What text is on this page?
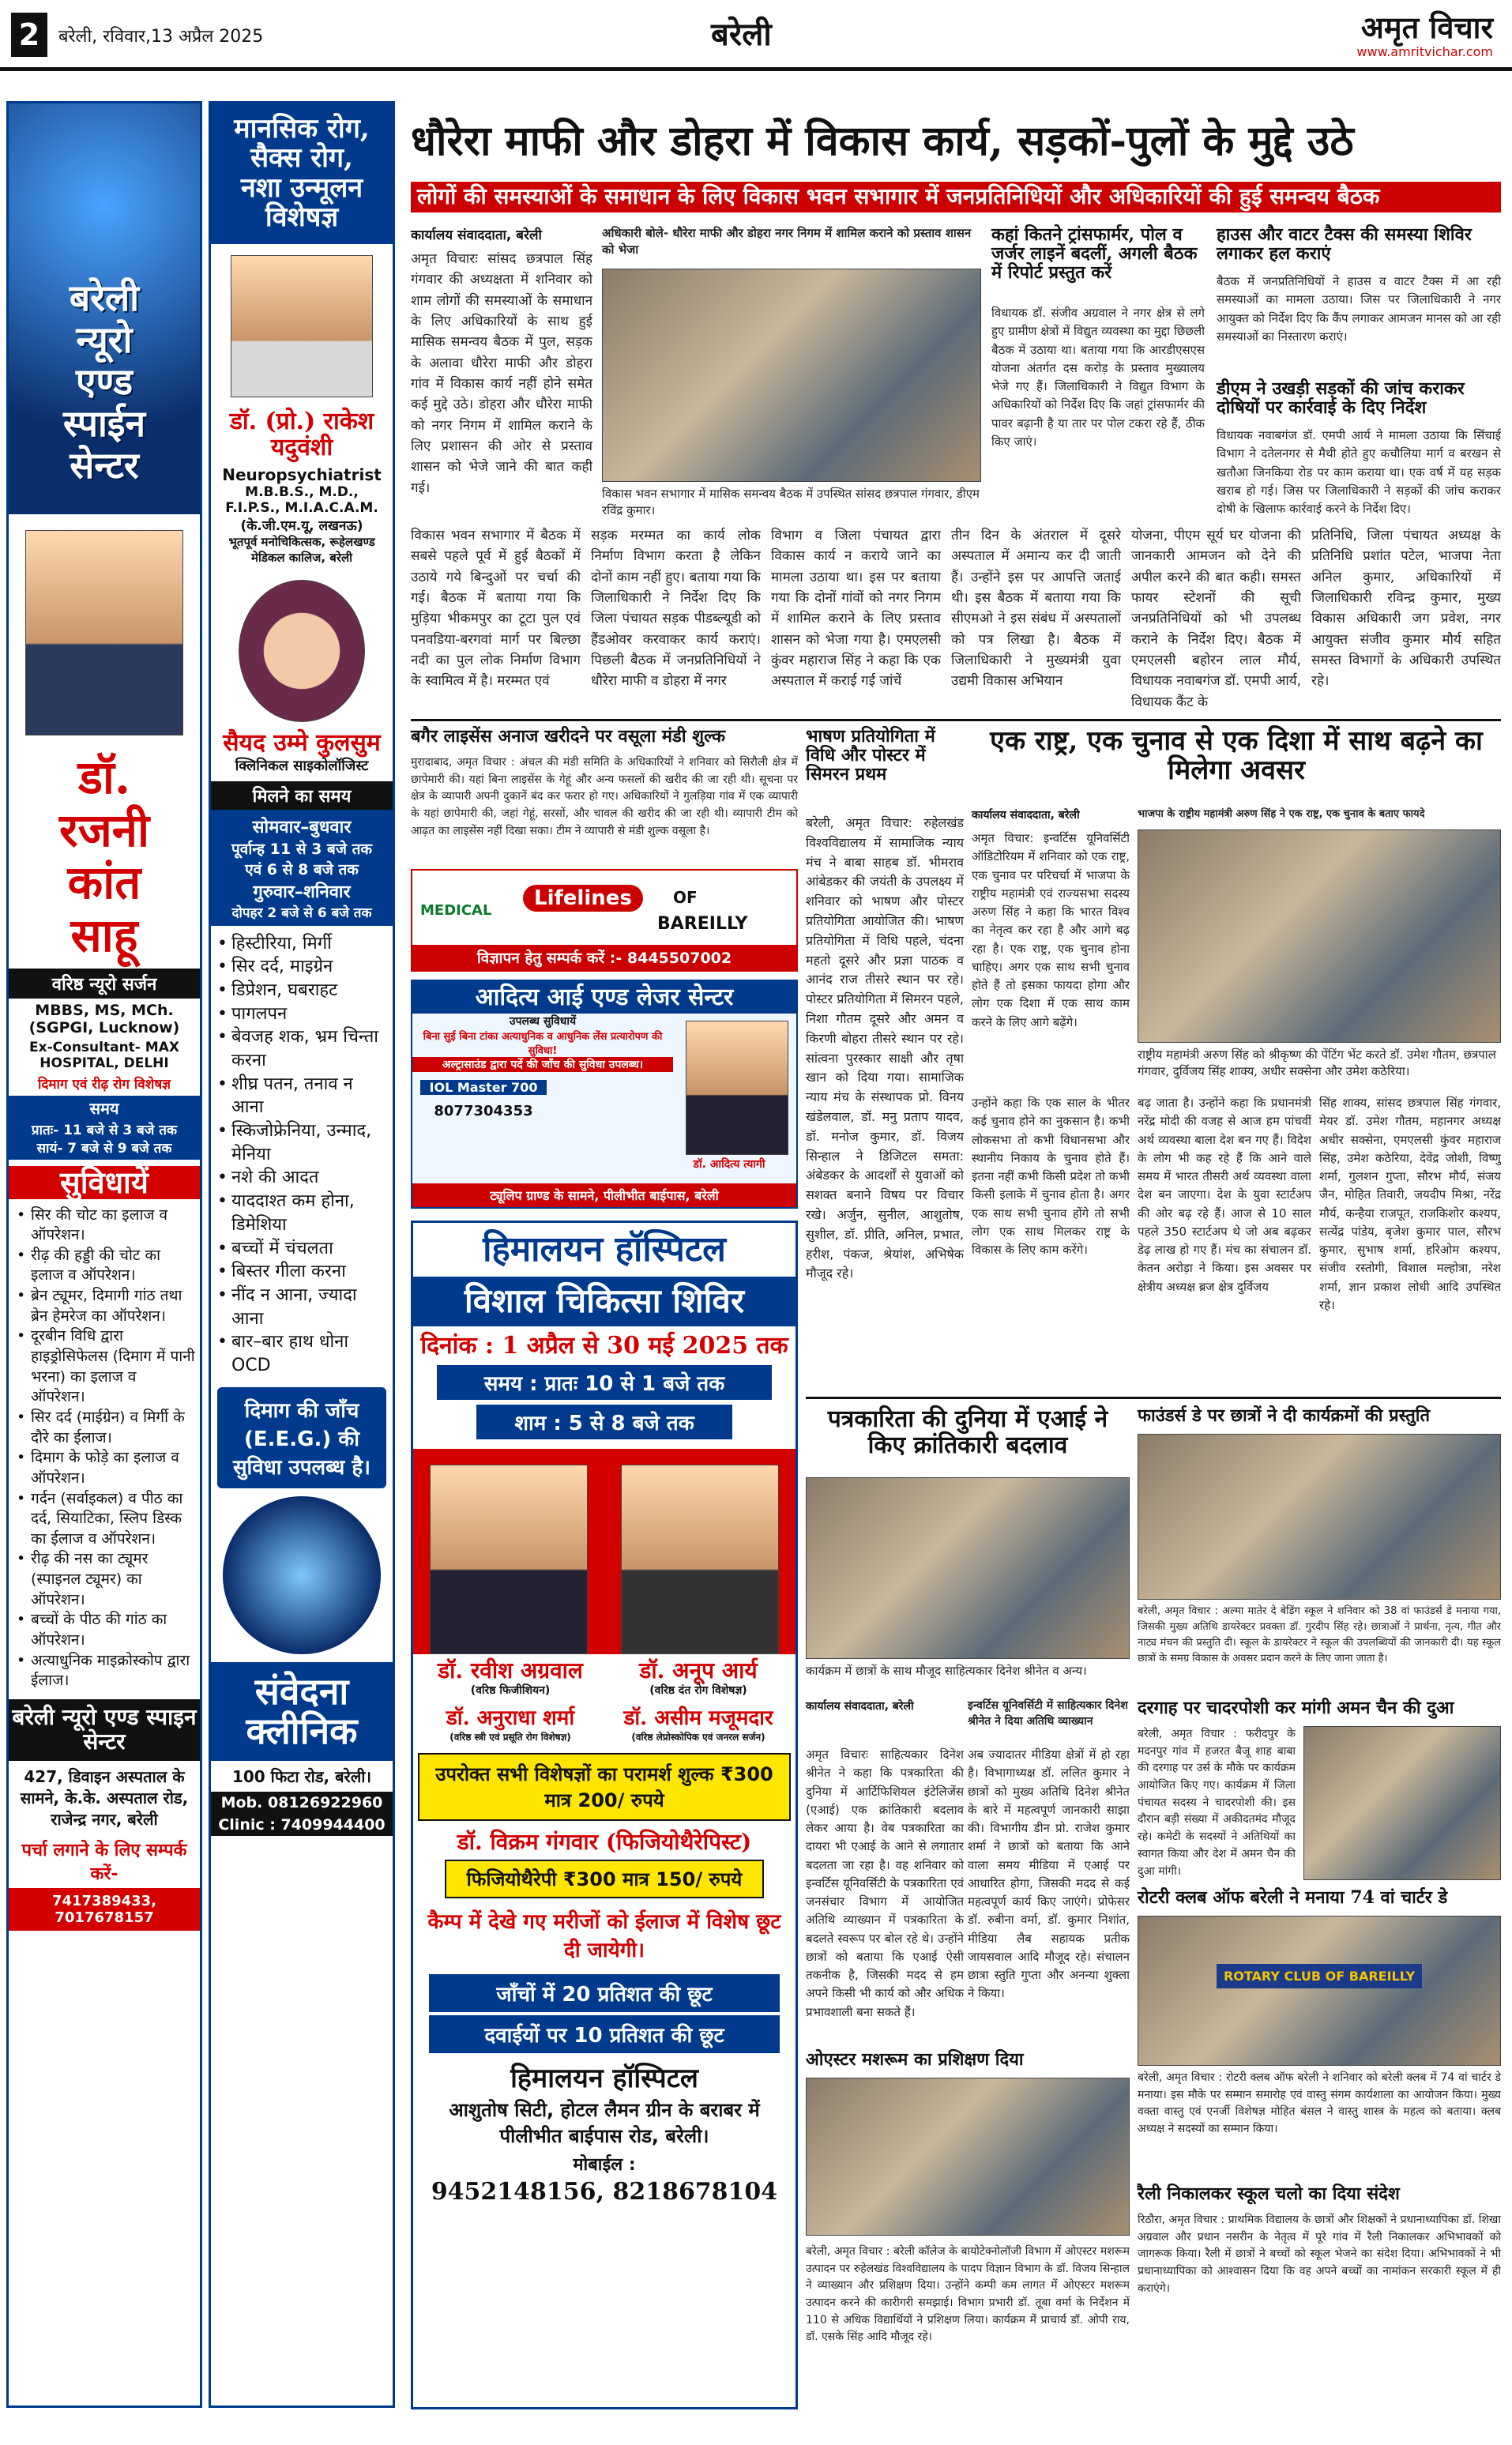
2	बरेली, रविवार,13 अप्रैल 2025	बरेली	अमृत विचार
www.amritvichar.com
बरेली
न्यूरो
एण्ड
स्पाईन
सेन्टर
डॉ.
रजनी
कांत
साहू
वरिष्ठ न्यूरो सर्जन
MBBS, MS, MCh. (SGPGI, Lucknow)
Ex-Consultant- MAX HOSPITAL, DELHI
दिमाग एवं रीढ़ रोग विशेषज्ञ
समय
प्रातः- 11 बजे से 3 बजे तक
सायं- 7 बजे से 9 बजे तक
सुविधायें
• सिर की चोट का इलाज व ऑपरेशन।
• रीढ़ की हड्डी की चोट का इलाज व ऑपरेशन।
• ब्रेन ट्यूमर, दिमागी गांठ तथा ब्रेन हेमरेज का ऑपरेशन।
• दूरबीन विधि द्वारा हाइड्रोसिफेलस (दिमाग में पानी भरना) का इलाज व ऑपरेशन।
• सिर दर्द (माईग्रेन) व मिर्गी के दौरे का ईलाज।
• दिमाग के फोड़े का इलाज व ऑपरेशन।
• गर्दन (सर्वाइकल) व पीठ का दर्द, सियाटिका, स्लिप डिस्क का ईलाज व ऑपरेशन।
• रीढ़ की नस का ट्यूमर (स्पाइनल ट्यूमर) का ऑपरेशन।
• बच्चों के पीठ की गांठ का ऑपरेशन।
• अत्याधुनिक माइक्रोस्कोप द्वारा ईलाज।
बरेली न्यूरो एण्ड स्पाइन सेन्टर
427, डिवाइन अस्पताल के सामने, के.के. अस्पताल रोड, राजेन्द्र नगर, बरेली
पर्चा लगाने के लिए सम्पर्क करें-
7417389433, 7017678157
मानसिक रोग,
सैक्स रोग,
नशा उन्मूलन
विशेषज्ञ
डॉ. (प्रो.) राकेश यदुवंशी
Neuropsychiatrist
M.B.B.S., M.D., F.I.P.S., M.I.A.C.A.M.
(के.जी.एम.यू, लखनऊ)
भूतपूर्व मनोचिकित्सक, रूहेलखण्ड मेडिकल कालिज, बरेली
सैयद उम्मे कुलसुम
क्लिनिकल साइकोलॉजिस्ट
मिलने का समय
सोमवार–बुधवार
पूर्वान्ह 11 से 3 बजे तक
एवं 6 से 8 बजे तक
गुरुवार–शनिवार
दोपहर 2 बजे से 6 बजे तक
• हिस्टीरिया, मिर्गी
• सिर दर्द, माइग्रेन
• डिप्रेशन, घबराहट
• पागलपन
• बेवजह शक, भ्रम चिन्ता करना
• शीघ्र पतन, तनाव न आना
• स्किजोफ्रेनिया, उन्माद, मेनिया
• नशे की आदत
• याददाश्त कम होना, डिमेशिया
• बच्चों में चंचलता
• बिस्तर गीला करना
• नींद न आना, ज्यादा आना
• बार–बार हाथ धोना OCD
दिमाग की जाँच (E.E.G.) की सुविधा उपलब्ध है।
संवेदना क्लीनिक
100 फिटा रोड, बरेली।
Mob. 08126922960
Clinic : 7409944400
धौरेरा माफी और डोहरा में विकास कार्य, सड़कों-पुलों के मुद्दे उठे
लोगों की समस्याओं के समाधान के लिए विकास भवन सभागार में जनप्रतिनिधियों और अधिकारियों की हुई समन्वय बैठक
कार्यालय संवाददाता, बरेली
अमृत विचारः सांसद छत्रपाल सिंह गंगवार की अध्यक्षता में शनिवार को शाम लोगों की समस्याओं के समाधान के लिए अधिकारियों के साथ हुई मासिक समन्वय बैठक में पुल, सड़क के अलावा धौरेरा माफी और डोहरा गांव में विकास कार्य नहीं होने समेत कई मुद्दे उठे। डोहरा और धौरेरा माफी को नगर निगम में शामिल कराने के लिए प्रशासन की ओर से प्रस्ताव शासन को भेजे जाने की बात कही गई।
अधिकारी बोले- धौरेरा माफी और डोहरा नगर निगम में शामिल कराने को प्रस्ताव शासन को भेजा
विकास भवन सभागार में मासिक समन्वय बैठक में उपस्थित सांसद छत्रपाल गंगवार, डीएम रविंद्र कुमार।
कहां कितने ट्रांसफार्मर, पोल व जर्जर लाइनें बदलीं, अगली बैठक में रिपोर्ट प्रस्तुत करें
विधायक डॉ. संजीव अग्रवाल ने नगर क्षेत्र से लगे हुए ग्रामीण क्षेत्रों में विद्युत व्यवस्था का मुद्दा छिछली बैठक में उठाया था। बताया गया कि आरडीएसएस योजना अंतर्गत दस करोड़ के प्रस्ताव मुख्यालय भेजे गए हैं। जिलाधिकारी ने विद्युत विभाग के अधिकारियों को निर्देश दिए कि जहां ट्रांसफार्मर की पावर बढ़ानी है या तार पर पोल टकरा रहे हैं, ठीक किए जाएं।
हाउस और वाटर टैक्स की समस्या शिविर लगाकर हल कराएं
बैठक में जनप्रतिनिधियों ने हाउस व वाटर टैक्स में आ रही समस्याओं का मामला उठाया। जिस पर जिलाधिकारी ने नगर आयुक्त को निर्देश दिए कि कैंप लगाकर आमजन मानस को आ रही समस्याओं का निस्तारण कराएं।
डीएम ने उखड़ी सड़कों की जांच कराकर दोषियों पर कार्रवाई के दिए निर्देश
विधायक नवाबगंज डॉ. एमपी आर्य ने मामला उठाया कि सिंचाई विभाग ने दतेलनगर से मैथी होते हुए कचौलिया मार्ग व बरखन से खतौआ जिनकिया रोड पर काम कराया था। एक वर्ष में यह सड़क खराब हो गई। जिस पर जिलाधिकारी ने सड़कों की जांच कराकर दोषी के खिलाफ कार्रवाई करने के निर्देश दिए।
विकास भवन सभागार में बैठक में सबसे पहले पूर्व में हुई बैठकों में उठाये गये बिन्दुओं पर चर्चा की गई। बैठक में बताया गया कि मुड़िया भीकमपुर का टूटा पुल एवं पनवडिया-बरगवां मार्ग पर बिल्छा नदी का पुल लोक निर्माण विभाग के स्वामित्व में है। मरम्मत एवं
सड़क मरम्मत का कार्य लोक निर्माण विभाग करता है लेकिन दोनों काम नहीं हुए। बताया गया कि जिलाधिकारी ने निर्देश दिए कि जिला पंचायत सड़क पीडब्ल्यूडी को हैंडओवर करवाकर कार्य कराएं। पिछली बैठक में जनप्रतिनिधियों ने धौरेरा माफी व डोहरा में नगर
विभाग व जिला पंचायत द्वारा विकास कार्य न कराये जाने का मामला उठाया था। इस पर बताया गया कि दोनों गांवों को नगर निगम में शामिल कराने के लिए प्रस्ताव शासन को भेजा गया है। एमएलसी कुंवर महाराज सिंह ने कहा कि एक अस्पताल में कराई गई जांचें
तीन दिन के अंतराल में दूसरे अस्पताल में अमान्य कर दी जाती हैं। उन्होंने इस पर आपत्ति जताई थी। इस बैठक में बताया गया कि सीएमओ ने इस संबंध में अस्पतालों को पत्र लिखा है। बैठक में जिलाधिकारी ने मुख्यमंत्री युवा उद्यमी विकास अभियान
योजना, पीएम सूर्य घर योजना की जानकारी आमजन को देने की अपील करने की बात कही। समस्त फायर स्टेशनों की सूची जनप्रतिनिधियों को भी उपलब्ध कराने के निर्देश दिए। बैठक में एमएलसी बहोरन लाल मौर्य, विधायक नवाबगंज डॉ. एमपी आर्य, विधायक कैंट के
प्रतिनिधि, जिला पंचायत अध्यक्ष के प्रतिनिधि प्रशांत पटेल, भाजपा नेता अनिल कुमार, अधिकारियों में जिलाधिकारी रविन्द्र कुमार, मुख्य विकास अधिकारी जग प्रवेश, नगर आयुक्त संजीव कुमार मौर्य सहित समस्त विभागों के अधिकारी उपस्थित रहे।
बगैर लाइसेंस अनाज खरीदने पर वसूला मंडी शुल्क
मुरादाबाद, अमृत विचार : अंचल की मंडी समिति के अधिकारियों ने शनिवार को सिरौली क्षेत्र में छापेमारी की। यहां बिना लाइसेंस के गेहूं और अन्य फसलों की खरीद की जा रही थी। सूचना पर क्षेत्र के व्यापारी अपनी दुकानें बंद कर फरार हो गए। अधिकारियों ने गुलड़िया गांव में एक व्यापारी के यहां छापेमारी की, जहां गेहूं, सरसों, और चावल की खरीद की जा रही थी। व्यापारी टीम को आढ़त का लाइसेंस नहीं दिखा सका। टीम ने व्यापारी से मंडी शुल्क वसूला है।
MEDICAL
Lifelines	OF
BAREILLY
विज्ञापन हेतु सम्पर्क करें :- 8445507002
आदित्य आई एण्ड लेजर सेन्टर
उपलब्ध सुविधायें
बिना सुई बिना टांका अत्याधुनिक व आधुनिक लेंस प्रत्यारोपण की सुविधा!
अल्ट्रासाउंड द्वारा पर्दे की जाँच की सुविधा उपलब्ध।
IOL Master 700
8077304353
डॉ. आदित्य त्यागी
ट्यूलिप ग्राण्ड के सामने, पीलीभीत बाईपास, बरेली
हिमालयन हॉस्पिटल
विशाल चिकित्सा शिविर
दिनांक : 1 अप्रैल से 30 मई 2025 तक
समय : प्रातः 10 से 1 बजे तक
शाम : 5 से 8 बजे तक
डॉ. रवीश अग्रवाल
(वरिष्ठ फिजीशियन)
डॉ. अनूप आर्य
(वरिष्ठ दंत रोग विशेषज्ञ)
डॉ. अनुराधा शर्मा
(वरिष्ठ स्त्री एवं प्रसूति रोग विशेषज्ञ)
डॉ. असीम मजूमदार
(वरिष्ठ लेप्रोस्कोपिक एवं जनरल सर्जन)
उपरोक्त सभी विशेषज्ञों का परामर्श शुल्क ₹300 मात्र 200/ रुपये
डॉ. विक्रम गंगवार (फिजियोथैरेपिस्ट)
फिजियोथैरेपी ₹300 मात्र 150/ रुपये
कैम्प में देखे गए मरीजों को ईलाज में विशेष छूट दी जायेगी।
जाँचों में 20 प्रतिशत की छूट
दवाईयों पर 10 प्रतिशत की छूट
हिमालयन हॉस्पिटल
आशुतोष सिटी, होटल लैमन ग्रीन के बराबर में पीलीभीत बाईपास रोड, बरेली।
मोबाईल :
9452148156, 8218678104
भाषण प्रतियोगिता में विधि और पोस्टर में सिमरन प्रथम
बरेली, अमृत विचार: रुहेलखंड विश्वविद्यालय में सामाजिक न्याय मंच ने बाबा साहब डॉ. भीमराव आंबेडकर की जयंती के उपलक्ष्य में शनिवार को भाषण और पोस्टर प्रतियोगिता आयोजित की। भाषण प्रतियोगिता में विधि पहले, चंदना महतो दूसरे और प्रज्ञा पाठक व आनंद राज तीसरे स्थान पर रहे। पोस्टर प्रतियोगिता में सिमरन पहले, निशा गौतम दूसरे और अमन व किरणी बोहरा तीसरे स्थान पर रहे। सांत्वना पुरस्कार साक्षी और तृषा खान को दिया गया। सामाजिक न्याय मंच के संस्थापक प्रो. विनय खंडेलवाल, डॉ. मनु प्रताप यादव, डॉ. मनोज कुमार, डॉ. विजय सिन्हाल ने डिजिटल समता: अंबेडकर के आदर्शों से युवाओं को सशक्त बनाने विषय पर विचार रखे। अर्जुन, सुनील, आशुतोष, सुशील, डॉ. प्रीति, अनिल, प्रभात, हरीश, पंकज, श्रेयांश, अभिषेक मौजूद रहे।
एक राष्ट्र, एक चुनाव से एक दिशा में साथ बढ़ने का मिलेगा अवसर
कार्यालय संवाददाता, बरेली	भाजपा के राष्ट्रीय महामंत्री अरुण सिंह ने एक राष्ट्र, एक चुनाव के बताए फायदे
अमृत विचार: इन्वर्टिस यूनिवर्सिटी ऑडिटोरियम में शनिवार को एक राष्ट्र, एक चुनाव पर परिचर्चा में भाजपा के राष्ट्रीय महामंत्री एवं राज्यसभा सदस्य अरुण सिंह ने कहा कि भारत विश्व का नेतृत्व कर रहा है और आगे बढ़ रहा है। एक राष्ट्र, एक चुनाव होना चाहिए। अगर एक साथ सभी चुनाव होते हैं तो इसका फायदा होगा और लोग एक दिशा में एक साथ काम करने के लिए आगे बढ़ेंगे।
राष्ट्रीय महामंत्री अरुण सिंह को श्रीकृष्ण की पेंटिंग भेंट करते डॉ. उमेश गौतम, छत्रपाल गंगवार, दुर्विजय सिंह शाक्य, अधीर सक्सेना और उमेश कठेरिया।
उन्होंने कहा कि एक साल के भीतर कई चुनाव होने का नुकसान है। कभी लोकसभा तो कभी विधानसभा और स्थानीय निकाय के चुनाव होते हैं। इतना नहीं कभी किसी प्रदेश तो कभी किसी इलाके में चुनाव होता है। अगर एक साथ सभी चुनाव होंगे तो सभी लोग एक साथ मिलकर राष्ट्र के विकास के लिए काम करेंगे।
बढ़ जाता है। उन्होंने कहा कि प्रधानमंत्री नरेंद्र मोदी की वजह से आज हम पांचवीं अर्थ व्यवस्था बाला देश बन गए हैं। विदेश के लोग भी कह रहे हैं कि आने वाले समय में भारत तीसरी अर्थ व्यवस्था वाला देश बन जाएगा। देश के युवा स्टार्टअप की ओर बढ़ रहे हैं। आज से 10 साल पहले 350 स्टार्टअप थे जो अब बढ़कर डेढ़ लाख हो गए हैं। मंच का संचालन डॉ. केतन अरोड़ा ने किया। इस अवसर पर क्षेत्रीय अध्यक्ष ब्रज क्षेत्र दुर्विजय
सिंह शाक्य, सांसद छत्रपाल सिंह गंगवार, मेयर डॉ. उमेश गौतम, महानगर अध्यक्ष अधीर सक्सेना, एमएलसी कुंवर महाराज सिंह, उमेश कठेरिया, देवेंद्र जोशी, विष्णु शर्मा, गुलशन गुप्ता, सौरभ मौर्य, संजय जैन, मोहित तिवारी, जयदीप मिश्रा, नरेंद्र मौर्य, कन्हैया राजपूत, राजकिशोर कश्यप, सत्येंद्र पांडेय, बृजेश कुमार पाल, सौरभ कुमार, सुभाष शर्मा, हरिओम कश्यप, संजीव रस्तोगी, विशाल मल्होत्रा, नरेश शर्मा, ज्ञान प्रकाश लोधी आदि उपस्थित रहे।
पत्रकारिता की दुनिया में एआई ने किए क्रांतिकारी बदलाव
कार्यक्रम में छात्रों के साथ मौजूद साहित्यकार दिनेश श्रीनेत व अन्य।
कार्यालय संवाददाता, बरेली	इन्वर्टिस यूनिवर्सिटी में साहित्यकार दिनेश श्रीनेत ने दिया अतिथि व्याख्यान
अमृत विचारः साहित्यकार दिनेश श्रीनेत ने कहा कि पत्रकारिता की दुनिया में आर्टिफिशियल इंटेलिजेंस (एआई) एक क्रांतिकारी बदलाव लेकर आया है। वेब पत्रकारिता का दायरा भी एआई के आने से लगातार बदलता जा रहा है। वह शनिवार को इन्वर्टिस यूनिवर्सिटी के पत्रकारिता एवं जनसंचार विभाग में आयोजित अतिथि व्याख्यान में पत्रकारिता के बदलते स्वरूप पर बोल रहे थे। उन्होंने छात्रों को बताया कि एआई ऐसी तकनीक है, जिसकी मदद से हम अपने किसी भी कार्य को और अधिक प्रभावशाली बना सकते हैं।
अब ज्यादातर मीडिया क्षेत्रों में हो रहा है। विभागाध्यक्ष डॉ. ललित कुमार ने छात्रों को मुख्य अतिथि दिनेश श्रीनेत के बारे में महत्वपूर्ण जानकारी साझा की। विभागीय डीन प्रो. राजेश कुमार शर्मा ने छात्रों को बताया कि आने वाला समय मीडिया में एआई पर आधारित होगा, जिसकी मदद से कई महत्वपूर्ण कार्य किए जाएंगे। प्रोफेसर डॉ. रुबीना वर्मा, डॉ. कुमार निशांत, मीडिया लैब सहायक प्रतीक जायसवाल आदि मौजूद रहे। संचालन छात्रा स्तुति गुप्ता और अनन्या शुक्ला ने किया।
ओएस्टर मशरूम का प्रशिक्षण दिया
बरेली, अमृत विचार : बरेली कॉलेज के बायोटेक्नोलॉजी विभाग में ओएस्टर मशरूम उत्पादन पर रुहेलखंड विश्वविद्यालय के पादप विज्ञान विभाग के डॉ. विजय सिन्हाल ने व्याख्यान और प्रशिक्षण दिया। उन्होंने कम्पी कम लागत में ओएस्टर मशरूम उत्पादन करने की कारीगरी समझाई। विभाग प्रभारी डॉ. तूबा वर्मा के निर्देशन में 110 से अधिक विद्यार्थियों ने प्रशिक्षण लिया। कार्यक्रम में प्राचार्य डॉ. ओपी राय, डॉ. एसके सिंह आदि मौजूद रहे।
फाउंडर्स डे पर छात्रों ने दी कार्यक्रमों की प्रस्तुति
बरेली, अमृत विचार : अल्मा मातेर दे बेडिंग स्कूल ने शनिवार को 38 वां फाउंडर्स डे मनाया गया, जिसकी मुख्य अतिथि डायरेक्टर प्रवक्ता डॉ. गुरदीप सिंह रहे। छात्राओं ने प्रार्थना, नृत्य, गीत और नाट्य मंचन की प्रस्तुति दी। स्कूल के डायरेक्टर ने स्कूल की उपलब्धियों की जानकारी दी। यह स्कूल छात्रों के समग्र विकास के अवसर प्रदान करने के लिए जाना जाता है।
दरगाह पर चादरपोशी कर मांगी अमन चैन की दुआ
बरेली, अमृत विचार : फरीदपुर के मदनपुर गांव में हजरत बैजू शाह बाबा की दरगाह पर उर्स के मौके पर कार्यक्रम आयोजित किए गए। कार्यक्रम में जिला पंचायत सदस्य ने चादरपोशी की। इस दौरान बड़ी संख्या में अकीदतमंद मौजूद रहे। कमेटी के सदस्यों ने अतिथियों का स्वागत किया और देश में अमन चैन की दुआ मांगी।
रोटरी क्लब ऑफ बरेली ने मनाया 74 वां चार्टर डे
ROTARY CLUB OF BAREILLY
बरेली, अमृत विचार : रोटरी क्लब ऑफ बरेली ने शनिवार को बरेली क्लब में 74 वां चार्टर डे मनाया। इस मौके पर सम्मान समारोह एवं वास्तु संगम कार्यशाला का आयोजन किया। मुख्य वक्ता वास्तु एवं एनर्जी विशेषज्ञ मोहित बंसल ने वास्तु शास्त्र के महत्व को बताया। क्लब अध्यक्ष ने सदस्यों का सम्मान किया।
रैली निकालकर स्कूल चलो का दिया संदेश
रिठौरा, अमृत विचार : प्राथमिक विद्यालय के छात्रों और शिक्षकों ने प्रधानाध्यापिका डॉ. शिखा अग्रवाल और प्रधान नसरीन के नेतृत्व में पूरे गांव में रैली निकालकर अभिभावकों को जागरूक किया। रैली में छात्रों ने बच्चों को स्कूल भेजने का संदेश दिया। अभिभावकों ने भी प्रधानाध्यापिका को आश्वासन दिया कि वह अपने बच्चों का नामांकन सरकारी स्कूल में ही कराएंगे।
